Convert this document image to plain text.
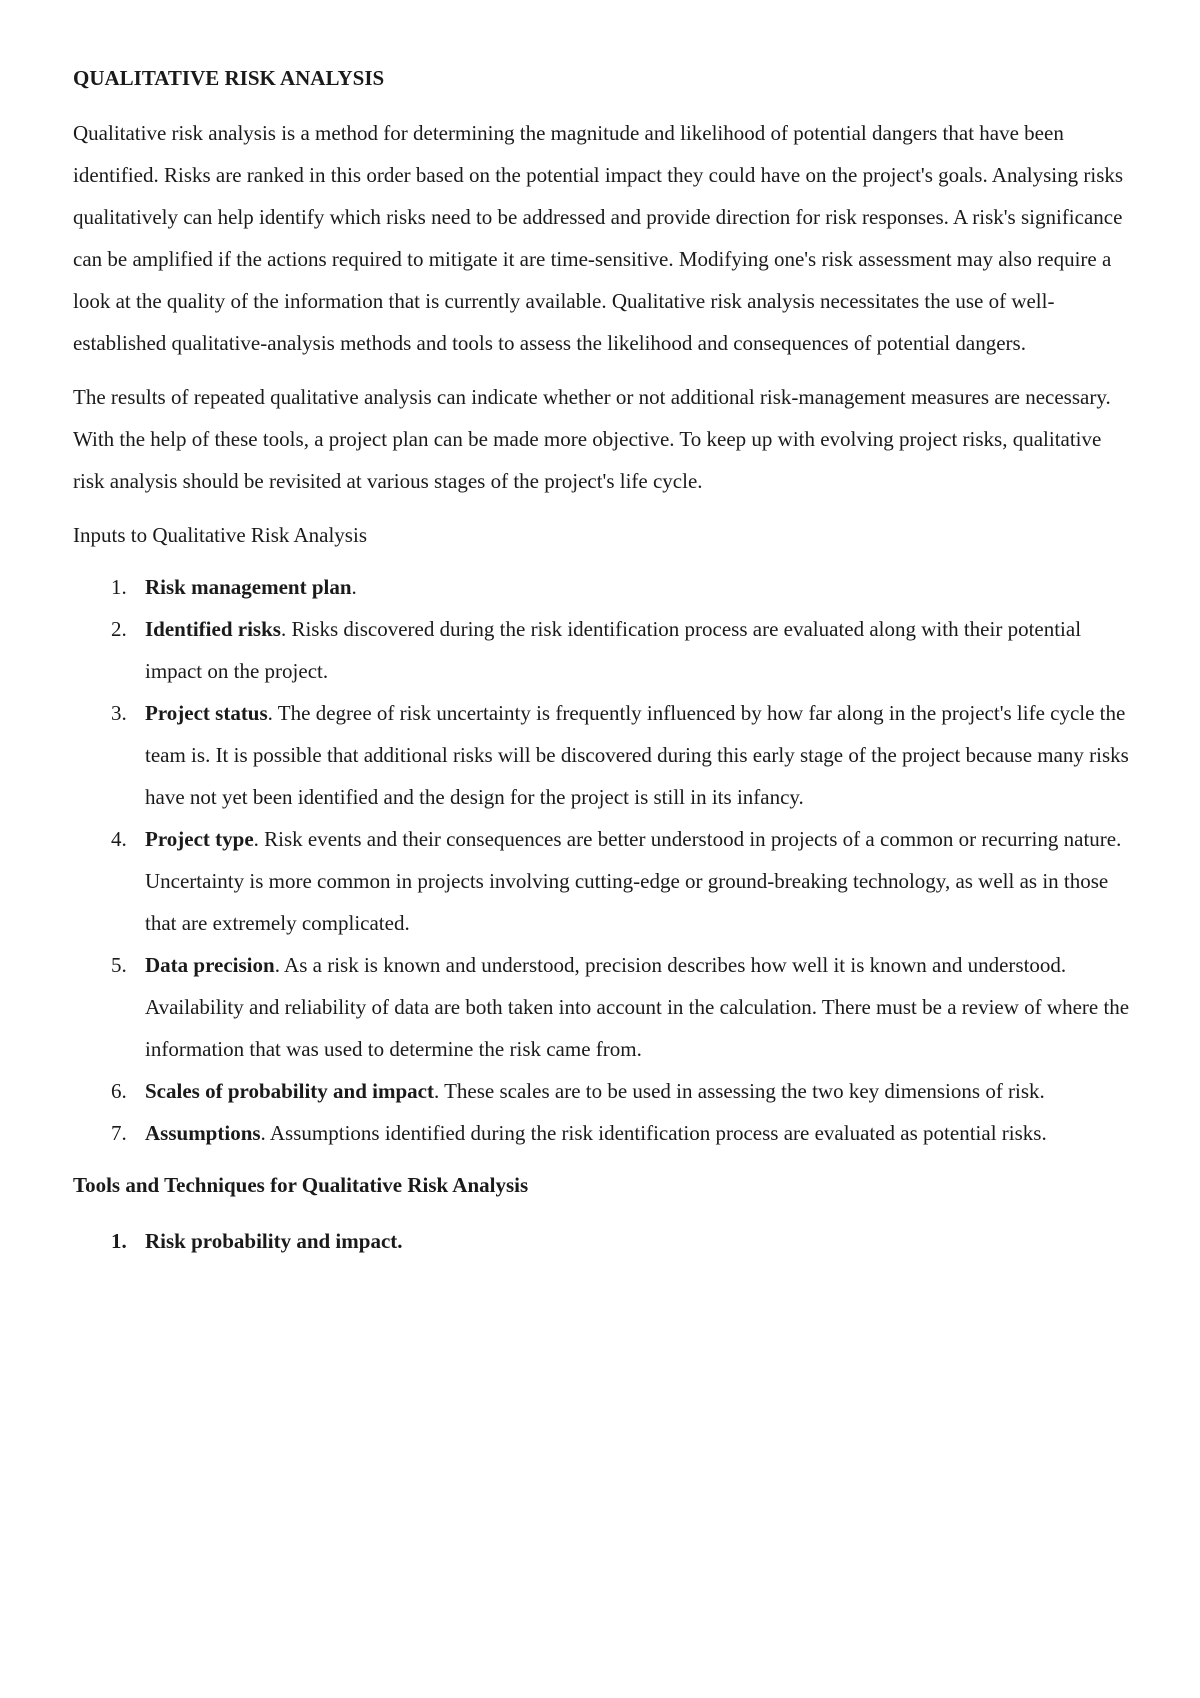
QUALITATIVE RISK ANALYSIS

Qualitative risk analysis is a method for determining the magnitude and likelihood of potential dangers that have been identified. Risks are ranked in this order based on the potential impact they could have on the project's goals. Analysing risks qualitatively can help identify which risks need to be addressed and provide direction for risk responses. A risk's significance can be amplified if the actions required to mitigate it are time-sensitive. Modifying one's risk assessment may also require a look at the quality of the information that is currently available. Qualitative risk analysis necessitates the use of well-established qualitative-analysis methods and tools to assess the likelihood and consequences of potential dangers.

The results of repeated qualitative analysis can indicate whether or not additional risk-management measures are necessary. With the help of these tools, a project plan can be made more objective. To keep up with evolving project risks, qualitative risk analysis should be revisited at various stages of the project's life cycle.

Inputs to Qualitative Risk Analysis
1. Risk management plan.
2. Identified risks. Risks discovered during the risk identification process are evaluated along with their potential impact on the project.
3. Project status. The degree of risk uncertainty is frequently influenced by how far along in the project's life cycle the team is. It is possible that additional risks will be discovered during this early stage of the project because many risks have not yet been identified and the design for the project is still in its infancy.
4. Project type. Risk events and their consequences are better understood in projects of a common or recurring nature. Uncertainty is more common in projects involving cutting-edge or ground-breaking technology, as well as in those that are extremely complicated.
5. Data precision. As a risk is known and understood, precision describes how well it is known and understood. Availability and reliability of data are both taken into account in the calculation. There must be a review of where the information that was used to determine the risk came from.
6. Scales of probability and impact. These scales are to be used in assessing the two key dimensions of risk.
7. Assumptions. Assumptions identified during the risk identification process are evaluated as potential risks.
Tools and Techniques for Qualitative Risk Analysis
1. Risk probability and impact.
